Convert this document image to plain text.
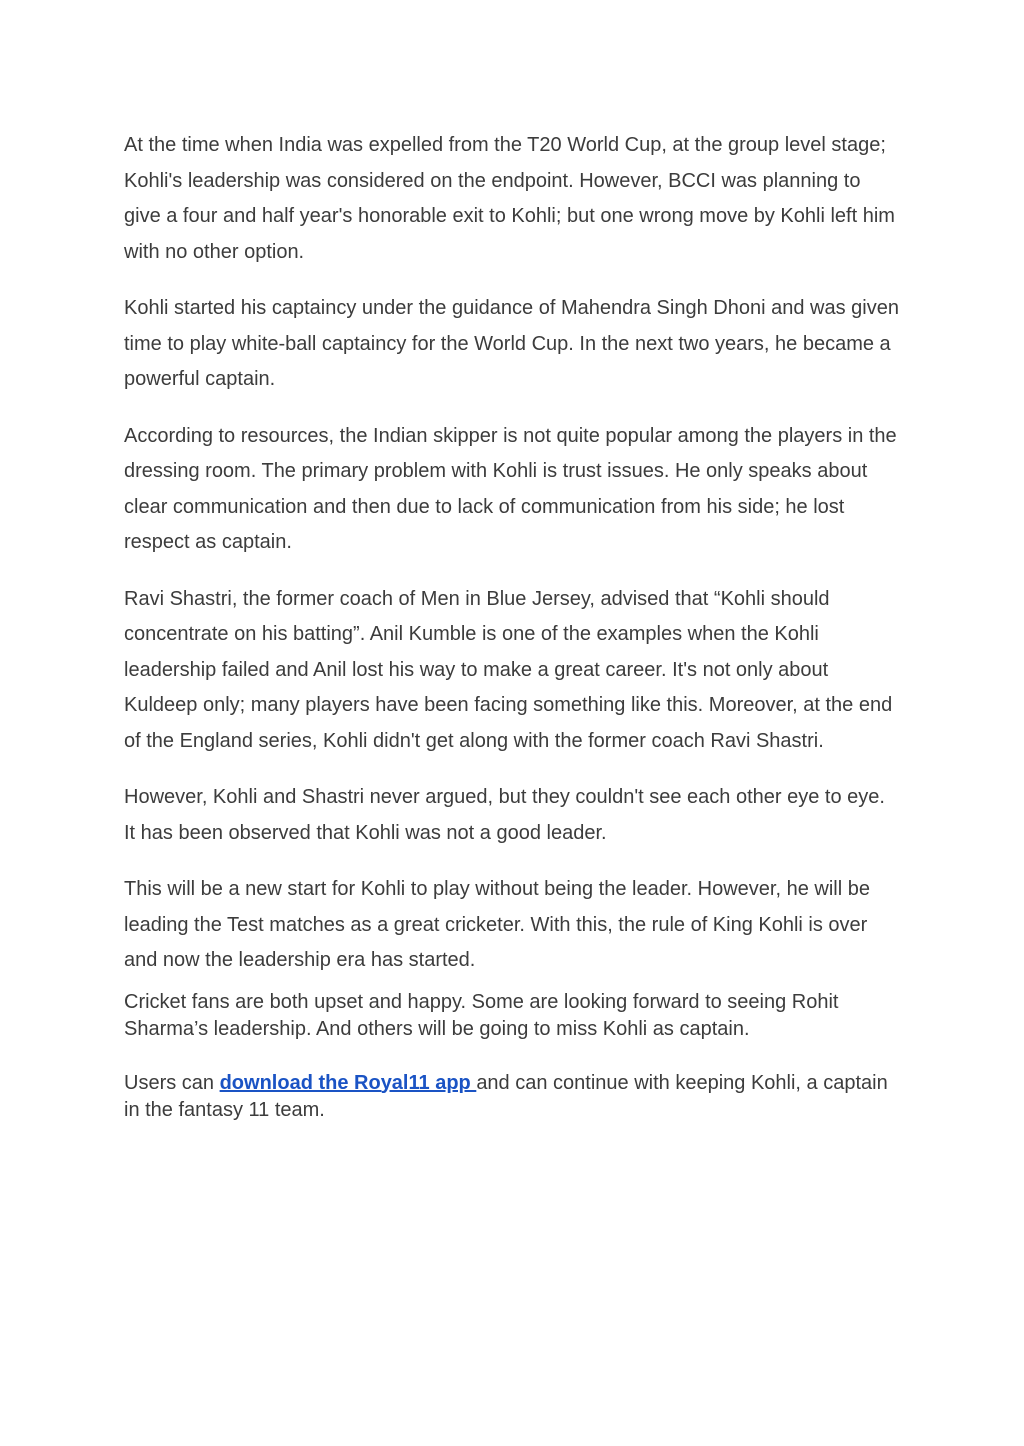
At the time when India was expelled from the T20 World Cup, at the group level stage; Kohli's leadership was considered on the endpoint. However, BCCI was planning to give a four and half year's honorable exit to Kohli; but one wrong move by Kohli left him with no other option.

Kohli started his captaincy under the guidance of Mahendra Singh Dhoni and was given time to play white-ball captaincy for the World Cup. In the next two years, he became a powerful captain.

According to resources, the Indian skipper is not quite popular among the players in the dressing room. The primary problem with Kohli is trust issues. He only speaks about clear communication and then due to lack of communication from his side; he lost respect as captain.

Ravi Shastri, the former coach of Men in Blue Jersey, advised that “Kohli should concentrate on his batting”. Anil Kumble is one of the examples when the Kohli leadership failed and Anil lost his way to make a great career. It's not only about Kuldeep only; many players have been facing something like this. Moreover, at the end of the England series, Kohli didn't get along with the former coach Ravi Shastri.

However, Kohli and Shastri never argued, but they couldn't see each other eye to eye. It has been observed that Kohli was not a good leader.

This will be a new start for Kohli to play without being the leader. However, he will be leading the Test matches as a great cricketer. With this, the rule of King Kohli is over and now the leadership era has started.

Cricket fans are both upset and happy. Some are looking forward to seeing Rohit Sharma’s leadership. And others will be going to miss Kohli as captain.

Users can download the Royal11 app and can continue with keeping Kohli, a captain in the fantasy 11 team.
